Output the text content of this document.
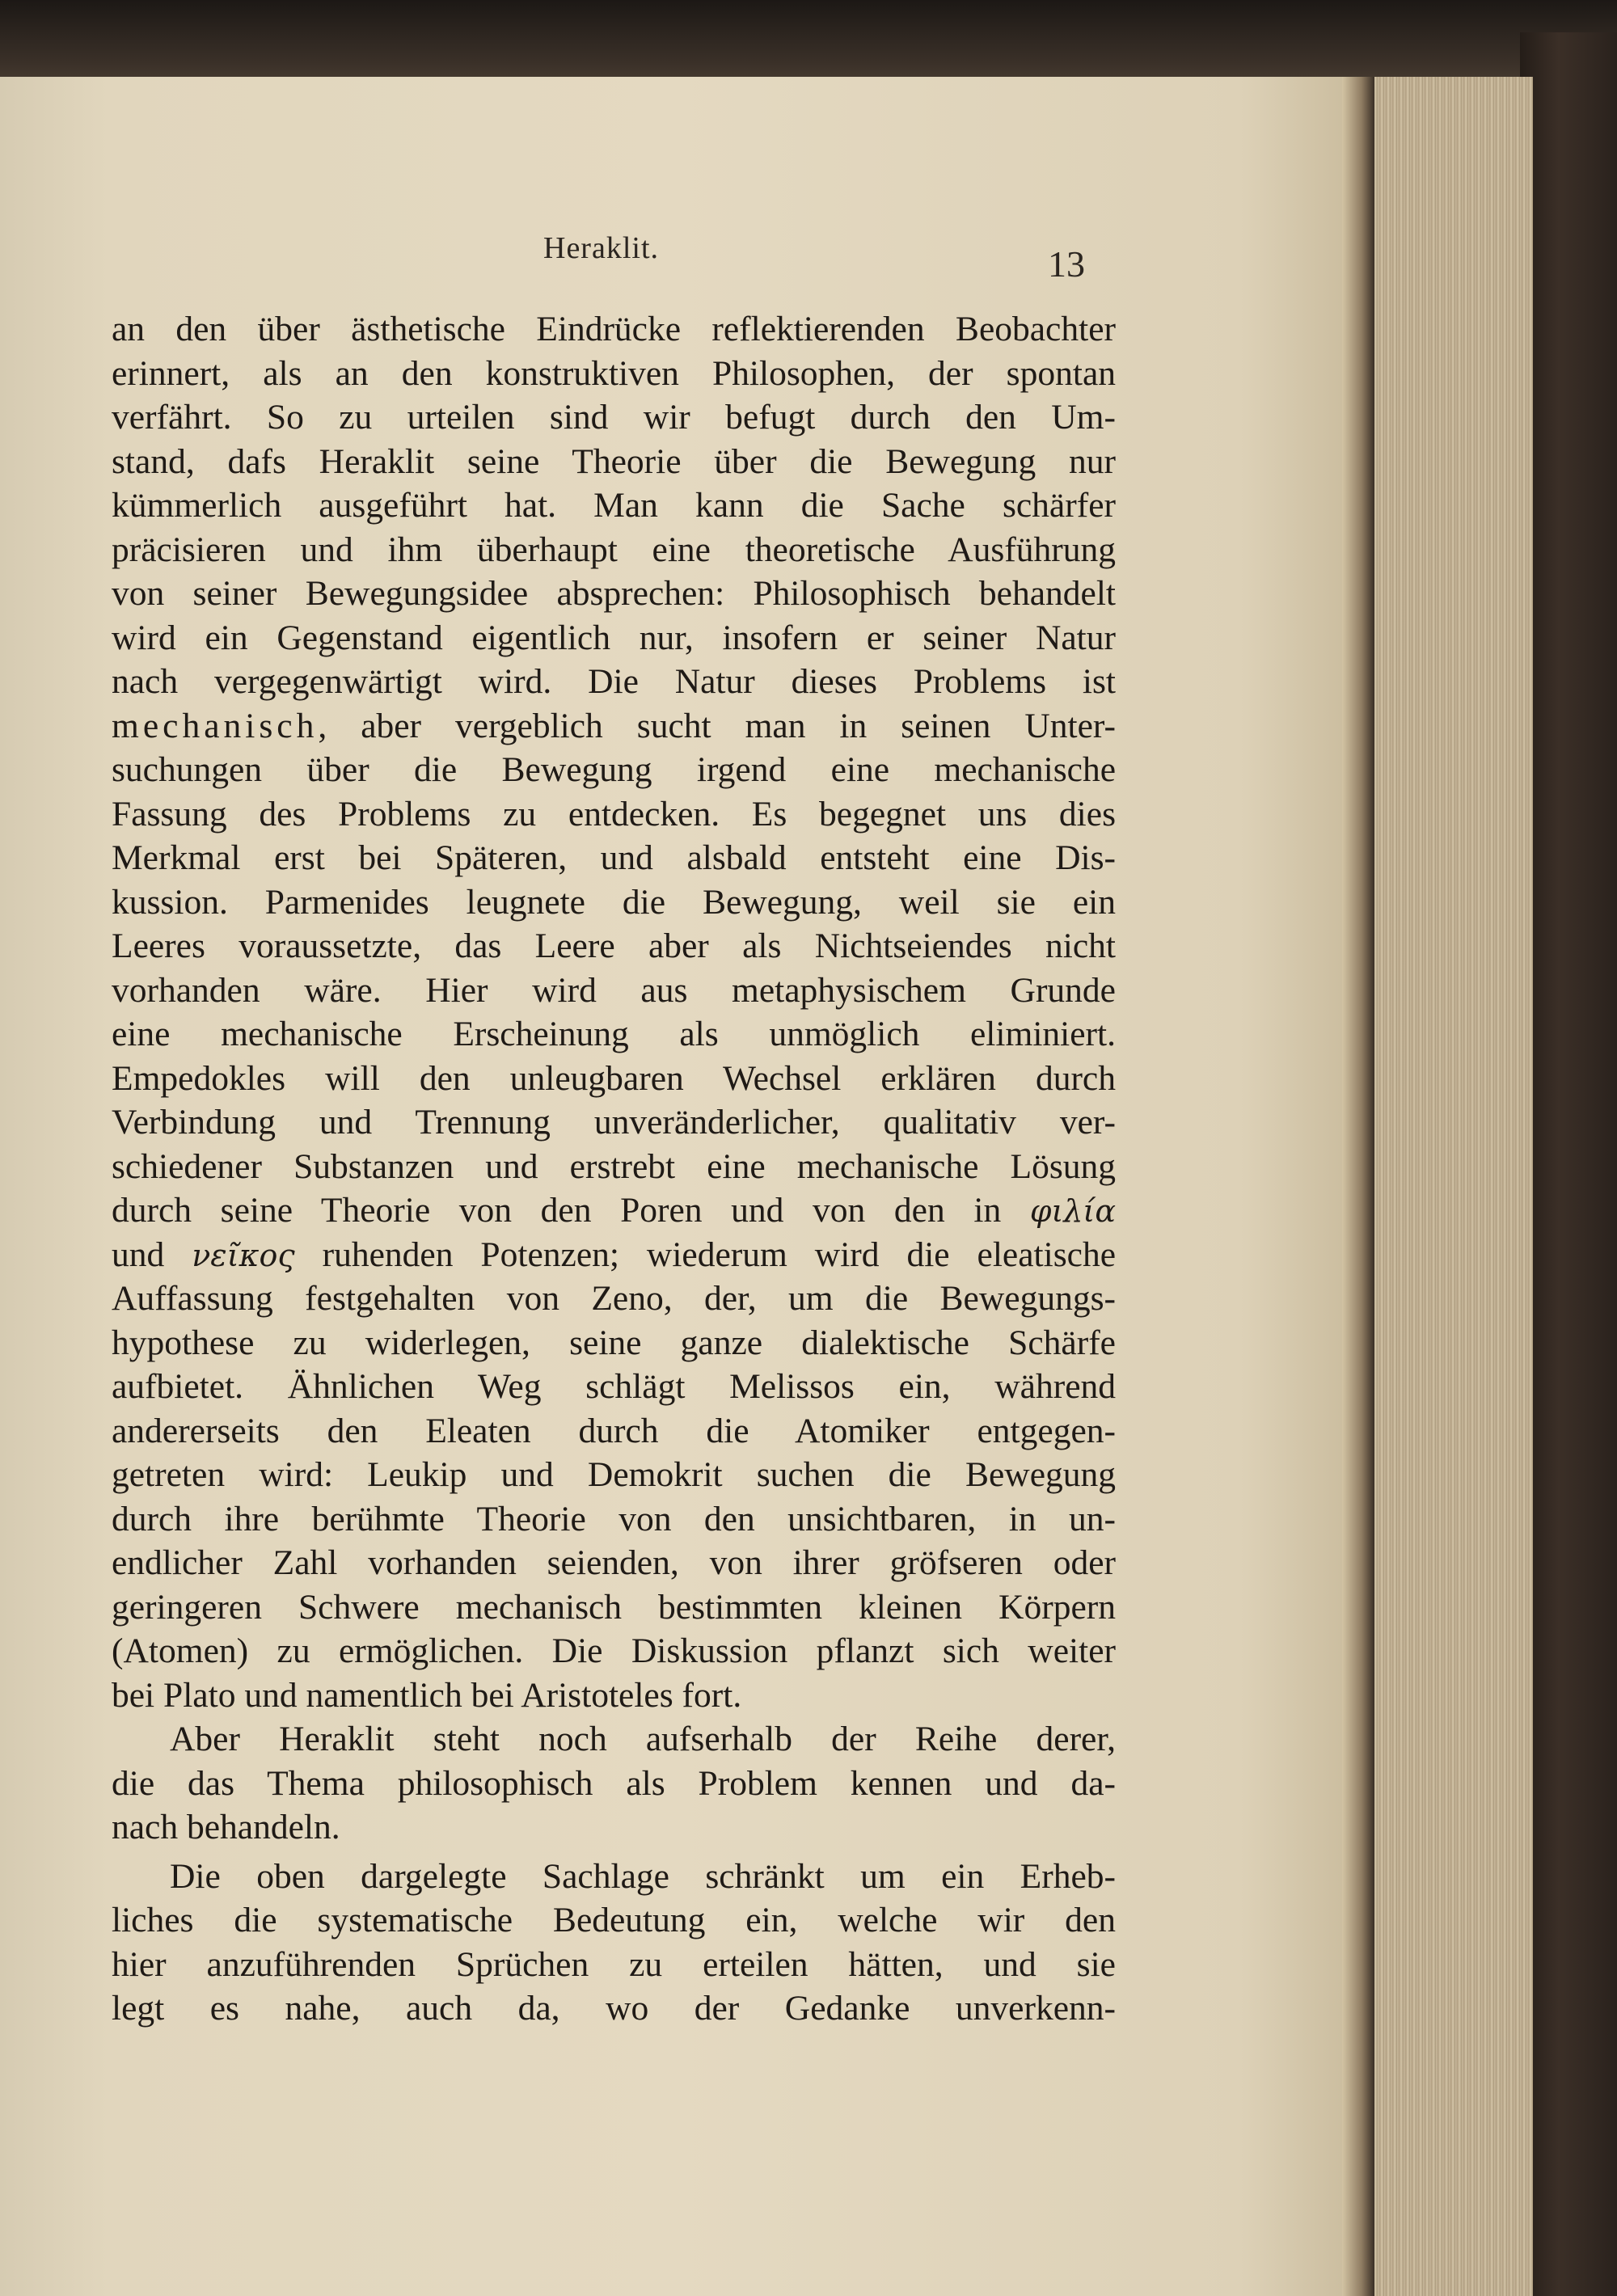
Heraklit.	13
an den über ästhetische Eindrücke reflektierenden Beobachter
erinnert, als an den konstruktiven Philosophen, der spontan
verfährt. So zu urteilen sind wir befugt durch den Um-
stand, dafs Heraklit seine Theorie über die Bewegung nur
kümmerlich ausgeführt hat. Man kann die Sache schärfer
präcisieren und ihm überhaupt eine theoretische Ausführung
von seiner Bewegungsidee absprechen: Philosophisch behandelt
wird ein Gegenstand eigentlich nur, insofern er seiner Natur
nach vergegenwärtigt wird. Die Natur dieses Problems ist
mechanisch, aber vergeblich sucht man in seinen Unter-
suchungen über die Bewegung irgend eine mechanische
Fassung des Problems zu entdecken. Es begegnet uns dies
Merkmal erst bei Späteren, und alsbald entsteht eine Dis-
kussion. Parmenides leugnete die Bewegung, weil sie ein
Leeres voraussetzte, das Leere aber als Nichtseiendes nicht
vorhanden wäre. Hier wird aus metaphysischem Grunde
eine mechanische Erscheinung als unmöglich eliminiert.
Empedokles will den unleugbaren Wechsel erklären durch
Verbindung und Trennung unveränderlicher, qualitativ ver-
schiedener Substanzen und erstrebt eine mechanische Lösung
durch seine Theorie von den Poren und von den in φιλία
und νεῖκος ruhenden Potenzen; wiederum wird die eleatische
Auffassung festgehalten von Zeno, der, um die Bewegungs-
hypothese zu widerlegen, seine ganze dialektische Schärfe
aufbietet. Ähnlichen Weg schlägt Melissos ein, während
andererseits den Eleaten durch die Atomiker entgegen-
getreten wird: Leukip und Demokrit suchen die Bewegung
durch ihre berühmte Theorie von den unsichtbaren, in un-
endlicher Zahl vorhanden seienden, von ihrer gröfseren oder
geringeren Schwere mechanisch bestimmten kleinen Körpern
(Atomen) zu ermöglichen. Die Diskussion pflanzt sich weiter
bei Plato und namentlich bei Aristoteles fort.
Aber Heraklit steht noch aufserhalb der Reihe derer,
die das Thema philosophisch als Problem kennen und da-
nach behandeln.
Die oben dargelegte Sachlage schränkt um ein Erheb-
liches die systematische Bedeutung ein, welche wir den
hier anzuführenden Sprüchen zu erteilen hätten, und sie
legt es nahe, auch da, wo der Gedanke unverkenn-
